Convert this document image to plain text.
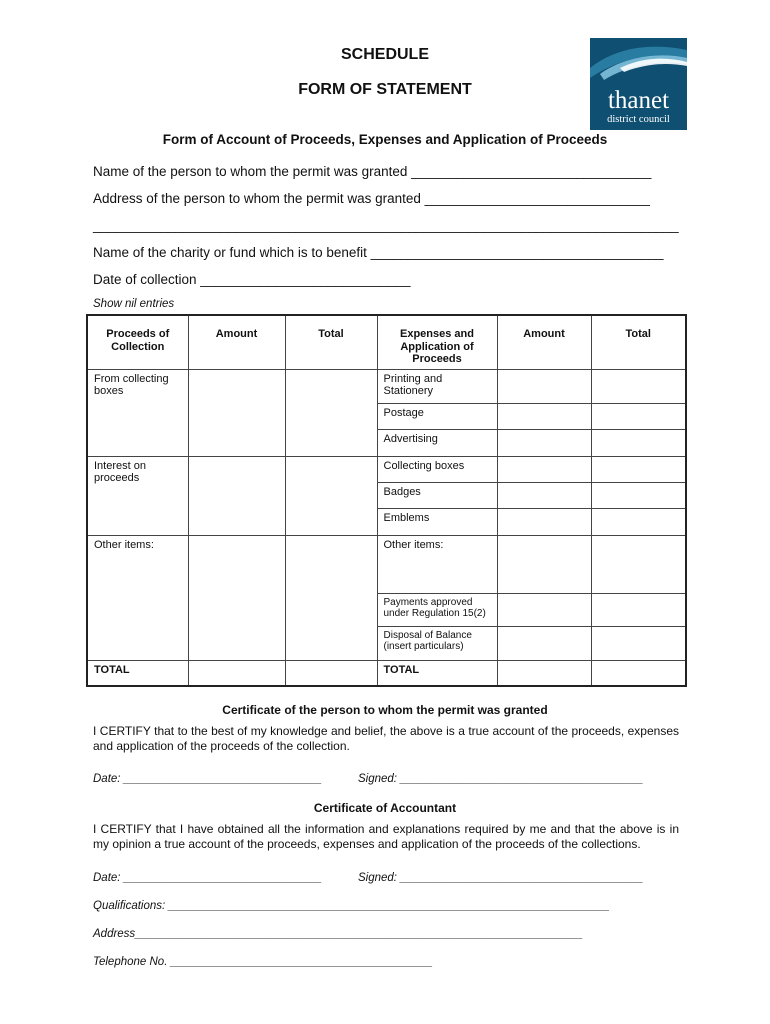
SCHEDULE
FORM OF STATEMENT	thanet
district council
Form of Account of Proceeds, Expenses and Application of Proceeds
Name of the person to whom the permit was granted ________________________________
Address of the person to whom the permit was granted ______________________________
______________________________________________________________________________
Name of the charity or fund which is to benefit _______________________________________
Date of collection ____________________________
Show nil entries
Proceeds of Collection	Amount	Total	Expenses and Application of Proceeds	Amount	Total
From collecting boxes			Printing and Stationery		
			Postage		
			Advertising		
Interest on proceeds			Collecting boxes		
			Badges		
			Emblems		
Other items:			Other items:		
			Payments approved under Regulation 15(2)		
			Disposal of Balance (insert particulars)		
TOTAL			TOTAL		
Certificate of the person to whom the permit was granted
I CERTIFY that to the best of my knowledge and belief, the above is a true account of the proceeds, expenses and application of the proceeds of the collection.
Date: _______________________________	Signed: ______________________________________
Certificate of Accountant
I CERTIFY that I have obtained all the information and explanations required by me and that the above is in my opinion a true account of the proceeds, expenses and application of the proceeds of the collections.
Date: _______________________________	Signed: ______________________________________
Qualifications: _____________________________________________________________________
Address______________________________________________________________________
Telephone No. _________________________________________
